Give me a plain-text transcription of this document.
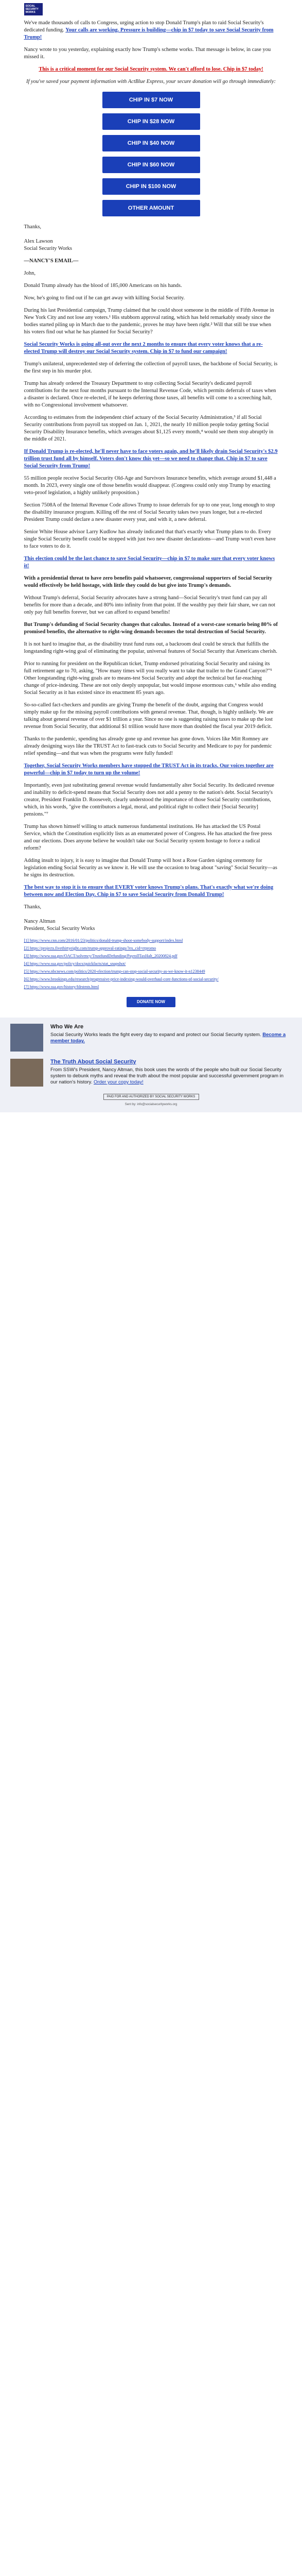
SOCIAL SECURITY WORKS

We've made thousands of calls to Congress, urging action to stop Donald Trump's plan to raid Social Security's dedicated funding. Your calls are working. Pressure is building—chip in $7 today to save Social Security from Trump!

Nancy wrote to you yesterday, explaining exactly how Trump's scheme works. That message is below, in case you missed it.

This is a critical moment for our Social Security system. We can't afford to lose. Chip in $7 today!

If you've saved your payment information with ActBlue Express, your secure donation will go through immediately:

CHIP IN $7 NOW
CHIP IN $28 NOW
CHIP IN $40 NOW
CHIP IN $60 NOW
CHIP IN $100 NOW
OTHER AMOUNT

Thanks,

Alex Lawson
Social Security Works

—NANCY'S EMAIL—

John,

Donald Trump already has the blood of 185,000 Americans on his hands.

Now, he's going to find out if he can get away with killing Social Security.

During his last Presidential campaign, Trump claimed that he could shoot someone in the middle of Fifth Avenue in New York City and not lose any voters.¹ His stubborn approval rating, which has held remarkably steady since the bodies started piling up in March due to the pandemic, proves he may have been right.² Will that still be true when his voters find out what he has planned for Social Security?

Social Security Works is going all-out over the next 2 months to ensure that every voter knows that a re-elected Trump will destroy our Social Security system. Chip in $7 to fund our campaign!

Trump's unilateral, unprecedented step of deferring the collection of payroll taxes, the backbone of Social Security, is the first step in his murder plot.

Trump has already ordered the Treasury Department to stop collecting Social Security's dedicated payroll contributions for the next four months pursuant to the Internal Revenue Code, which permits deferrals of taxes when a disaster is declared. Once re-elected, if he keeps deferring those taxes, all benefits will come to a screeching halt, with no Congressional involvement whatsoever.

According to estimates from the independent chief actuary of the Social Security Administration,³ if all Social Security contributions from payroll tax stopped on Jan. 1, 2021, the nearly 10 million people today getting Social Security Disability Insurance benefits, which averages about $1,125 every month,⁴ would see them stop abruptly in the middle of 2021.

If Donald Trump is re-elected, he'll never have to face voters again, and he'll likely drain Social Security's $2.9 trillion trust fund all by himself. Voters don't know this yet—so we need to change that. Chip in $7 to save Social Security from Trump!

55 million people receive Social Security Old-Age and Survivors Insurance benefits, which average around $1,448 a month. In 2023, every single one of those benefits would disappear. (Congress could only stop Trump by enacting veto-proof legislation, a highly unlikely proposition.)

Section 7508A of the Internal Revenue Code allows Trump to issue deferrals for up to one year, long enough to stop the disability insurance program. Killing off the rest of Social Security takes two years longer, but a re-elected President Trump could declare a new disaster every year, and with it, a new deferral.

Senior White House advisor Larry Kudlow has already indicated that that's exactly what Trump plans to do. Every single Social Security benefit could be stopped with just two new disaster declarations—and Trump won't even have to face voters to do it.

This election could be the last chance to save Social Security—chip in $7 to make sure that every voter knows it!

With a presidential threat to have zero benefits paid whatsoever, congressional supporters of Social Security would effectively be held hostage, with little they could do but give into Trump's demands.

Without Trump's deferral, Social Security advocates have a strong hand—Social Security's trust fund can pay all benefits for more than a decade, and 80% into infinity from that point. If the wealthy pay their fair share, we can not only pay full benefits forever, but we can afford to expand benefits!

But Trump's defunding of Social Security changes that calculus. Instead of a worst-case scenario being 80% of promised benefits, the alternative to right-wing demands becomes the total destruction of Social Security.

It is not hard to imagine that, as the disability trust fund runs out, a backroom deal could be struck that fulfills the longstanding right-wing goal of eliminating the popular, universal features of Social Security that Americans cherish.

Prior to running for president on the Republican ticket, Trump endorsed privatizing Social Security and raising its full retirement age to 70, asking, "How many times will you really want to take that trailer to the Grand Canyon?"⁵ Other longstanding right-wing goals are to means-test Social Security and adopt the technical but far-reaching change of price-indexing. These are not only deeply unpopular, but would impose enormous cuts,⁶ while also ending Social Security as it has existed since its enactment 85 years ago.

So-so-called fact-checkers and pundits are giving Trump the benefit of the doubt, arguing that Congress would simply make up for the missing payroll contributions with general revenue. That, though, is highly unlikely. We are talking about general revenue of over $1 trillion a year. Since no one is suggesting raising taxes to make up the lost revenue from Social Security, that additional $1 trillion would have more than doubled the fiscal year 2019 deficit.

Thanks to the pandemic, spending has already gone up and revenue has gone down. Voices like Mitt Romney are already designing ways like the TRUST Act to fast-track cuts to Social Security and Medicare to pay for pandemic relief spending—and that was when the programs were fully funded!

Together, Social Security Works members have stopped the TRUST Act in its tracks. Our voices together are powerful—chip in $7 today to turn up the volume!

Importantly, even just substituting general revenue would fundamentally alter Social Security. Its dedicated revenue and inability to deficit-spend means that Social Security does not add a penny to the nation's debt. Social Security's creator, President Franklin D. Roosevelt, clearly understood the importance of those Social Security contributions, which, in his words, "give the contributors a legal, moral, and political right to collect their [Social Security] pensions."⁷

Trump has shown himself willing to attack numerous fundamental institutions. He has attacked the US Postal Service, which the Constitution explicitly lists as an enumerated power of Congress. He has attacked the free press and our elections. Does anyone believe he wouldn't take our Social Security system hostage to force a radical reform?

Adding insult to injury, it is easy to imagine that Donald Trump will host a Rose Garden signing ceremony for legislation ending Social Security as we know it. He will use the occasion to brag about "saving" Social Security—as he signs its destruction.

The best way to stop it is to ensure that EVERY voter knows Trump's plans. That's exactly what we're doing between now and Election Day. Chip in $7 to save Social Security from Donald Trump!

Thanks,

Nancy Altman
President, Social Security Works

[1] https://www.cnn.com/2016/01/23/politics/donald-trump-shoot-somebody-support/index.html

[2] https://projects.fivethirtyeight.com/trump-approval-ratings/?ex_cid=rrpromo

[3] https://www.ssa.gov/OACT/solvency/TrustfundDefunding/PayrollTaxHalt_20200824.pdf

[4] https://www.ssa.gov/policy/docs/quickfacts/stat_snapshot/

[5] https://www.nbcnews.com/politics/2020-election/trump-can-stop-social-security-as-we-know-it-n1238449

[6] https://www.brookings.edu/research/progressive-price-indexing-would-overhaul-core-functions-of-social-security/

[7] https://www.ssa.gov/history/fdrstmts.html

DONATE NOW
Who We Are

Social Security Works leads the fight every day to expand and protect our Social Security system. Become a member today.

The Truth About Social Security

From SSW's President, Nancy Altman, this book uses the words of the people who built our Social Security system to debunk myths and reveal the truth about the most popular and successful government program in our nation's history. Order your copy today!

PAID FOR AND AUTHORIZED BY SOCIAL SECURITY WORKS
Sent by: info@socialsecurityworks.org
